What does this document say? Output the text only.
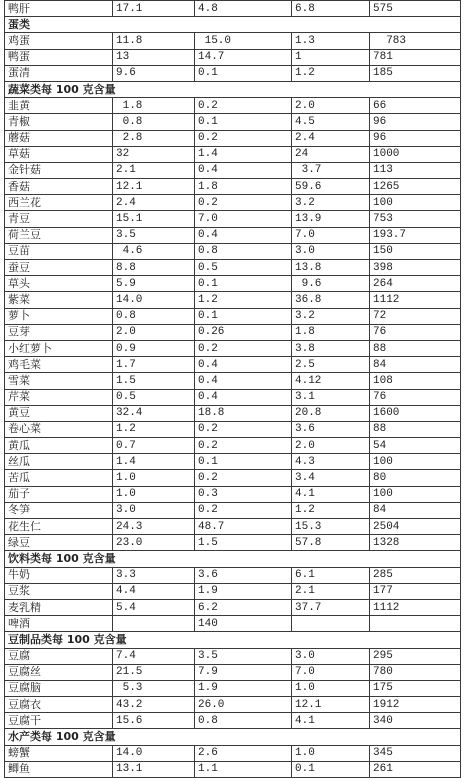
鸭肝	17.1	4.8	6.8	575
蛋类				
鸡蛋	11.8	15.0	1.3	783
鸭蛋	13	14.7	1	781
蛋清	9.6	0.1	1.2	185
蔬菜类每 100 克含量				
韭黄	1.8	0.2	2.0	66
青椒	0.8	0.1	4.5	96
蘑菇	2.8	0.2	2.4	96
草菇	32	1.4	24	1000
金针菇	2.1	0.4	3.7	113
香菇	12.1	1.8	59.6	1265
西兰花	2.4	0.2	3.2	100
青豆	15.1	7.0	13.9	753
荷兰豆	3.5	0.4	7.0	193.7
豆苗	4.6	0.8	3.0	150
蚕豆	8.8	0.5	13.8	398
草头	5.9	0.1	9.6	264
紫菜	14.0	1.2	36.8	1112
萝卜	0.8	0.1	3.2	72
豆芽	2.0	0.26	1.8	76
小红萝卜	0.9	0.2	3.8	88
鸡毛菜	1.7	0.4	2.5	84
雪菜	1.5	0.4	4.12	108
芹菜	0.5	0.4	3.1	76
黄豆	32.4	18.8	20.8	1600
卷心菜	1.2	0.2	3.6	88
黄瓜	0.7	0.2	2.0	54
丝瓜	1.4	0.1	4.3	100
苦瓜	1.0	0.2	3.4	80
茄子	1.0	0.3	4.1	100
冬笋	3.0	0.2	1.2	84
花生仁	24.3	48.7	15.3	2504
绿豆	23.0	1.5	57.8	1328
饮料类每 100 克含量				
牛奶	3.3	3.6	6.1	285
豆浆	4.4	1.9	2.1	177
麦乳精	5.4	6.2	37.7	1112
啤酒		140		
豆制品类每 100 克含量				
豆腐	7.4	3.5	3.0	295
豆腐丝	21.5	7.9	7.0	780
豆腐脑	5.3	1.9	1.0	175
豆腐衣	43.2	26.0	12.1	1912
豆腐干	15.6	0.8	4.1	340
水产类每 100 克含量				
螃蟹	14.0	2.6	1.0	345
鲫鱼	13.1	1.1	0.1	261
